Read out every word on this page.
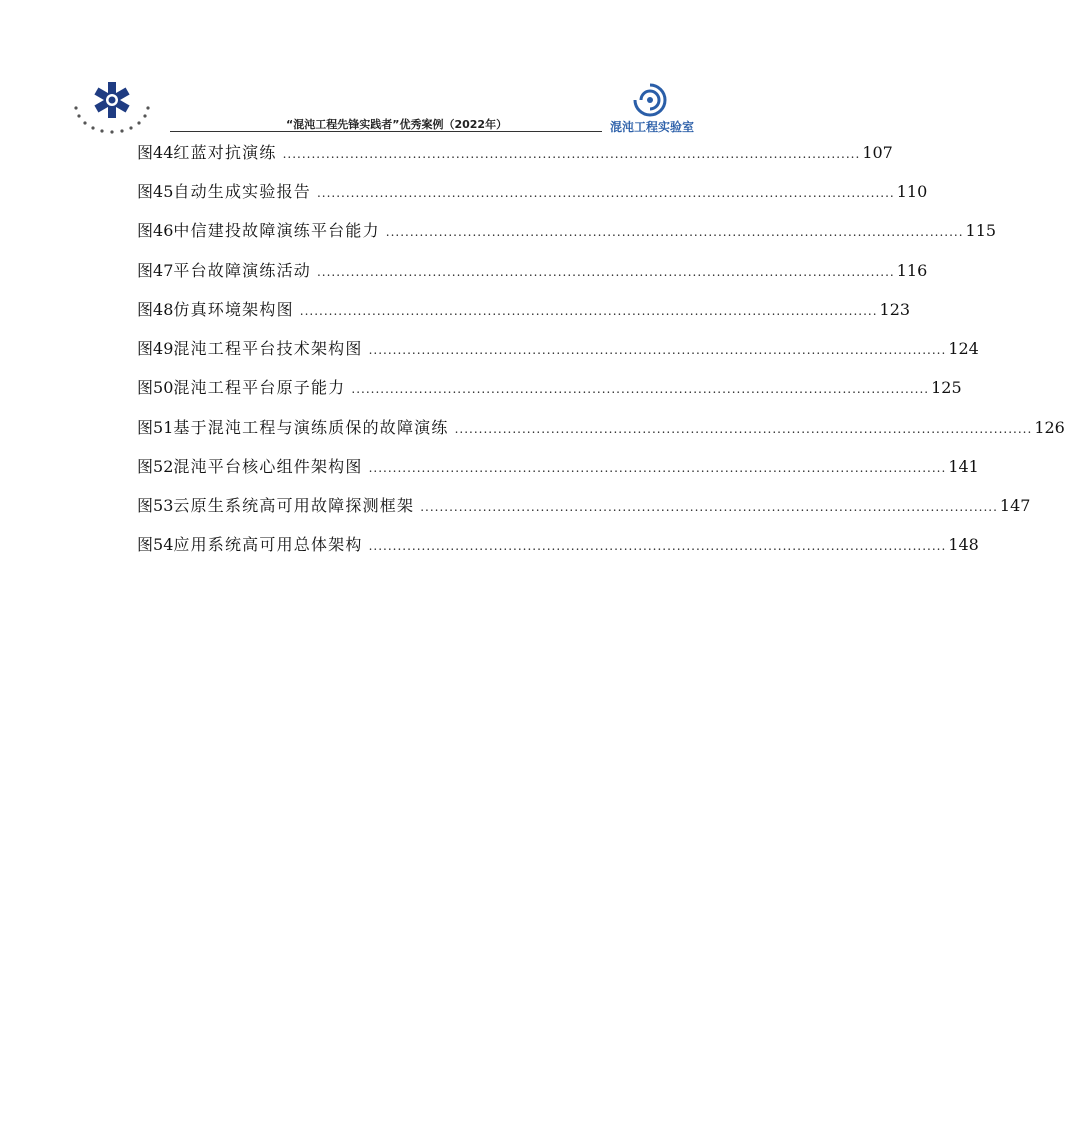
“混沌工程先锋实践者”优秀案例（2022年）	混沌工程实验室
图 44 红蓝对抗演练 ........................................................................................................................ 107
图 45 自动生成实验报告 ........................................................................................................................ 110
图 46 中信建投故障演练平台能力 ........................................................................................................................ 115
图 47 平台故障演练活动 ........................................................................................................................ 116
图 48 仿真环境架构图 ........................................................................................................................ 123
图 49 混沌工程平台技术架构图 ........................................................................................................................ 124
图 50 混沌工程平台原子能力 ........................................................................................................................ 125
图 51 基于混沌工程与演练质保的故障演练 ........................................................................................................................ 126
图 52 混沌平台核心组件架构图 ........................................................................................................................ 141
图 53 云原生系统高可用故障探测框架 ........................................................................................................................ 147
图 54 应用系统高可用总体架构 ........................................................................................................................ 148
